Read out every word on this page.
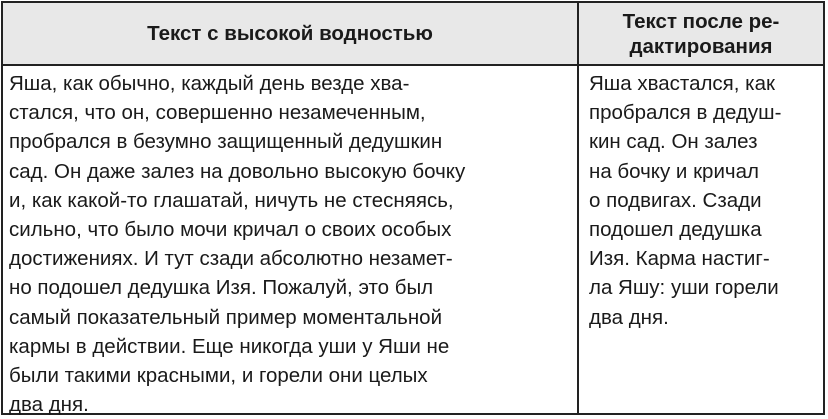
Текст с высокой водностью
Текст после ре-
дактирования
Яша, как обычно, каждый день везде хва-
стался, что он, совершенно незамеченным,
пробрался в безумно защищенный дедушкин
сад. Он даже залез на довольно высокую бочку
и, как какой-то глашатай, ничуть не стесняясь,
сильно, что было мочи кричал о своих особых
достижениях. И тут сзади абсолютно незамет-
но подошел дедушка Изя. Пожалуй, это был
самый показательный пример моментальной
кармы в действии. Еще никогда уши у Яши не
были такими красными, и горели они целых
два дня.
Яша хвастался, как
пробрался в дедуш-
кин сад. Он залез
на бочку и кричал
о подвигах. Сзади
подошел дедушка
Изя. Карма настиг-
ла Яшу: уши горели
два дня.
